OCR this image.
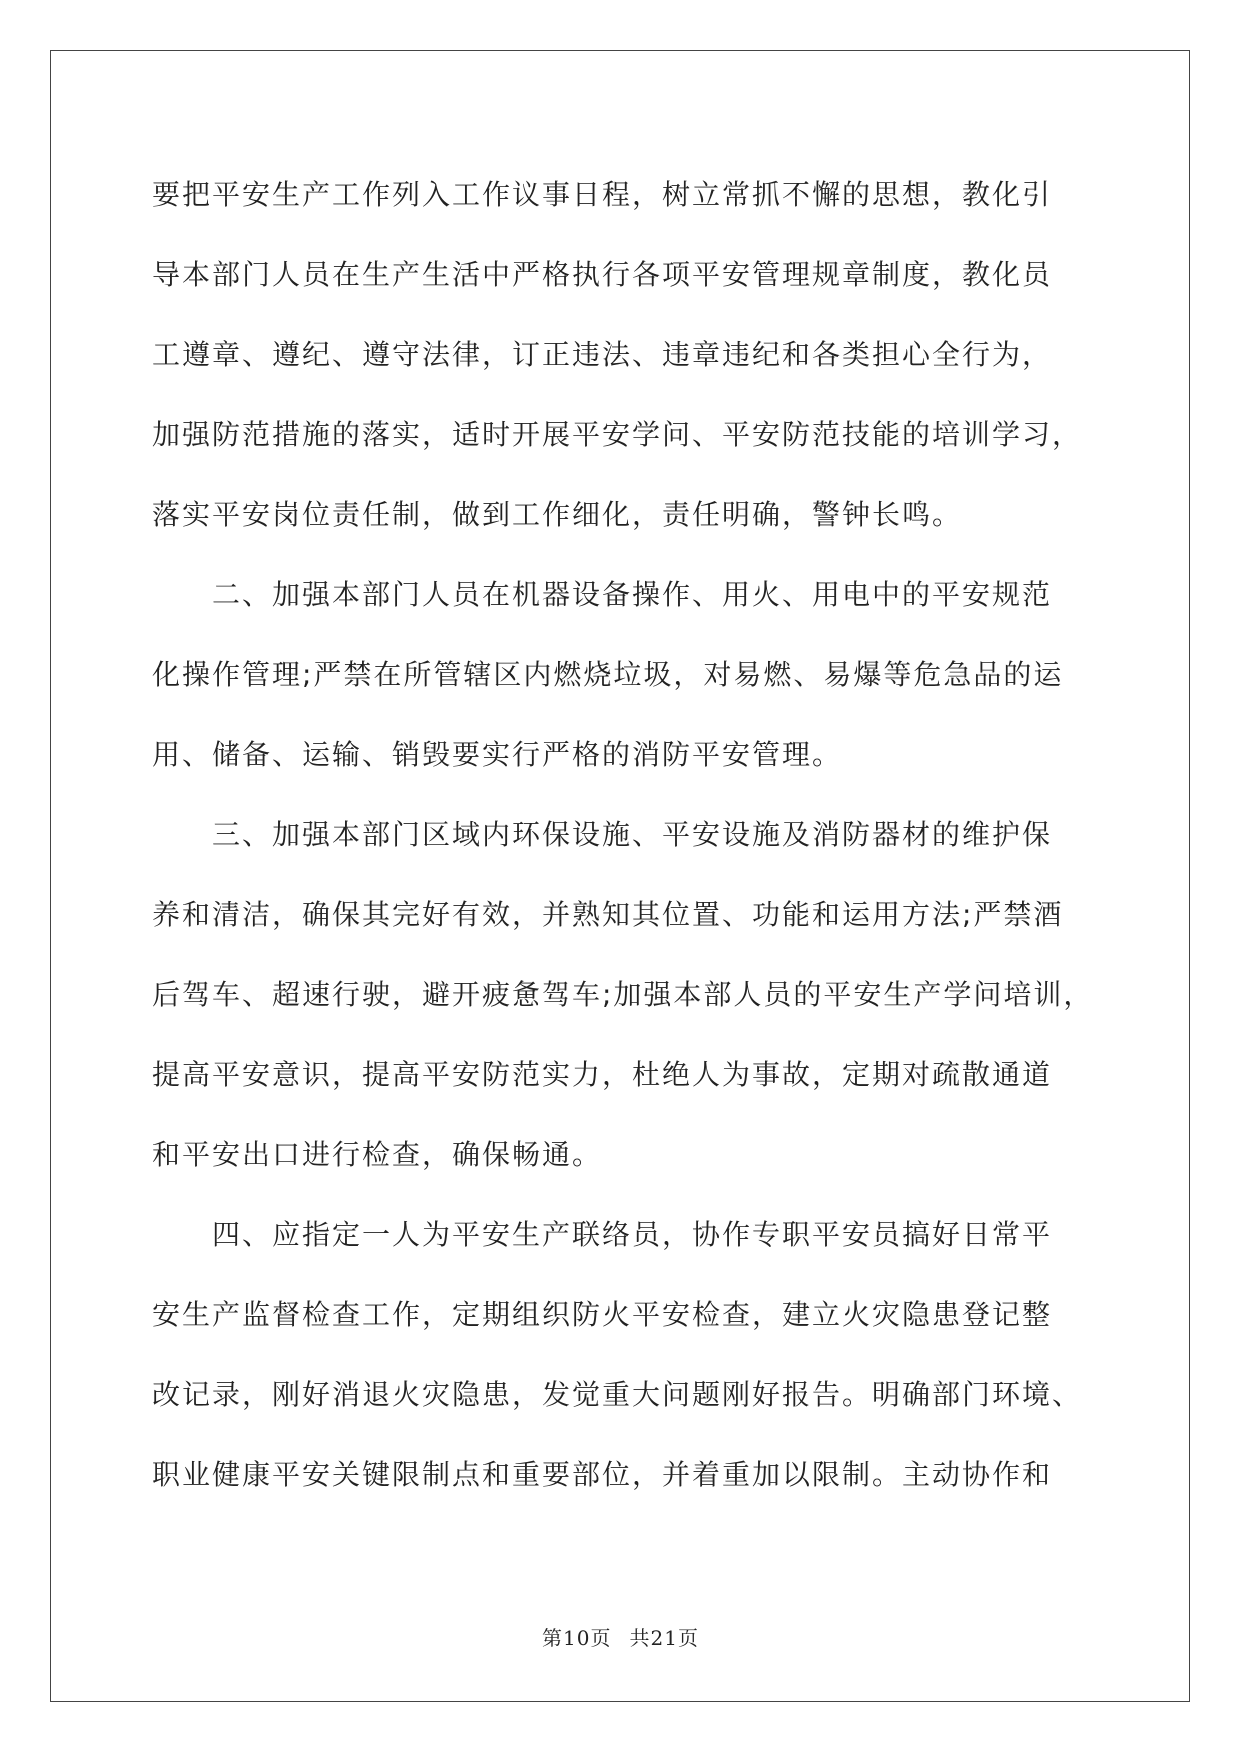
要把平安生产工作列入工作议事日程，树立常抓不懈的思想，教化引
导本部门人员在生产生活中严格执行各项平安管理规章制度，教化员
工遵章、遵纪、遵守法律，订正违法、违章违纪和各类担心全行为，
加强防范措施的落实，适时开展平安学问、平安防范技能的培训学习，
落实平安岗位责任制，做到工作细化，责任明确，警钟长鸣。

二、加强本部门人员在机器设备操作、用火、用电中的平安规范
化操作管理;严禁在所管辖区内燃烧垃圾，对易燃、易爆等危急品的运
用、储备、运输、销毁要实行严格的消防平安管理。

三、加强本部门区域内环保设施、平安设施及消防器材的维护保
养和清洁，确保其完好有效，并熟知其位置、功能和运用方法;严禁酒
后驾车、超速行驶，避开疲惫驾车;加强本部人员的平安生产学问培训，
提高平安意识，提高平安防范实力，杜绝人为事故，定期对疏散通道
和平安出口进行检查，确保畅通。

四、应指定一人为平安生产联络员，协作专职平安员搞好日常平
安生产监督检查工作，定期组织防火平安检查，建立火灾隐患登记整
改记录，刚好消退火灾隐患，发觉重大问题刚好报告。明确部门环境、
职业健康平安关键限制点和重要部位，并着重加以限制。主动协作和

第10页 共21页
